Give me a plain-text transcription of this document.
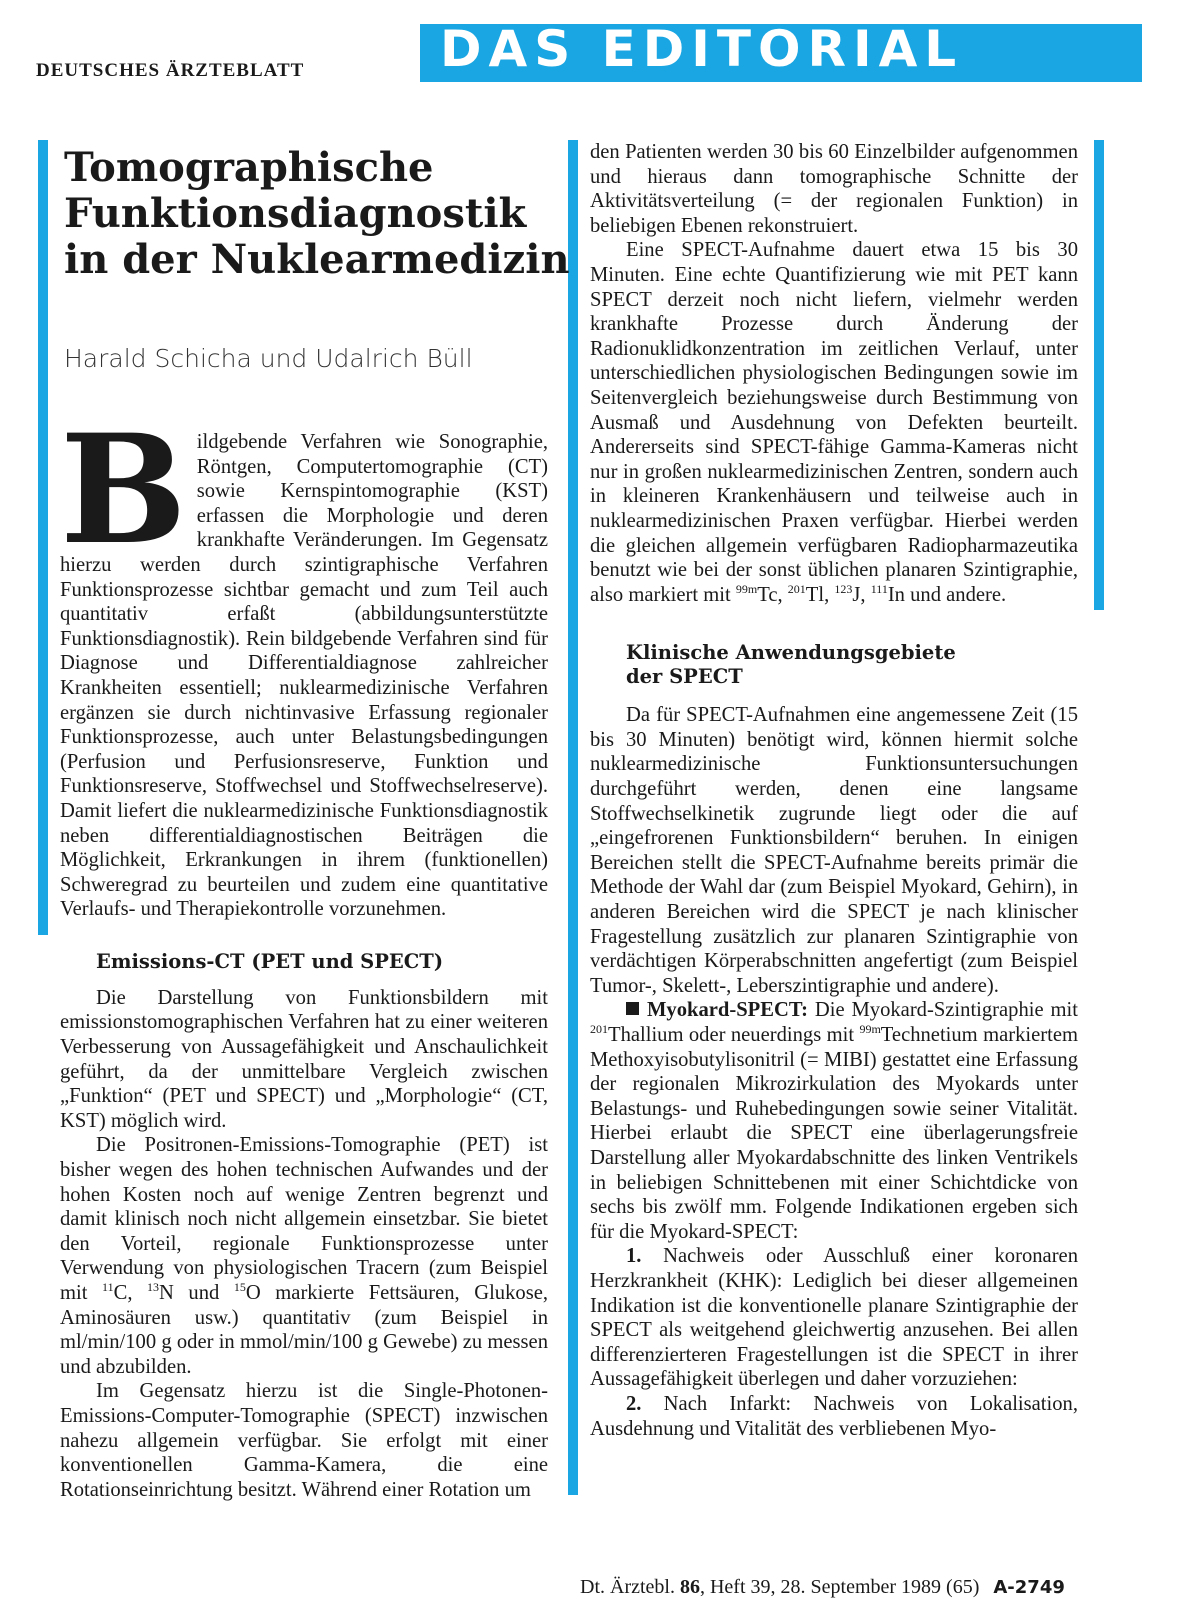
DEUTSCHES ÄRZTEBLATT	DAS EDITORIAL
Tomographische
Funktionsdiagnostik
in der Nuklearmedizin

Harald Schicha und Udalrich Büll

Bildgebende Verfahren wie Sonographie, Röntgen, Computertomographie (CT) sowie Kernspintomographie (KST) erfassen die Morphologie und deren krankhafte Veränderungen. Im Gegensatz hierzu werden durch szintigraphische Verfahren Funktionsprozesse sichtbar gemacht und zum Teil auch quantitativ erfaßt (abbildungsunterstützte Funktionsdiagnostik). Rein bildgebende Verfahren sind für Diagnose und Differentialdiagnose zahlreicher Krankheiten essentiell; nuklearmedizinische Verfahren ergänzen sie durch nichtinvasive Erfassung regionaler Funktionsprozesse, auch unter Belastungsbedingungen (Perfusion und Perfusionsreserve, Funktion und Funktionsreserve, Stoffwechsel und Stoffwechselreserve). Damit liefert die nuklearmedizinische Funktionsdiagnostik neben differentialdiagnostischen Beiträgen die Möglichkeit, Erkrankungen in ihrem (funktionellen) Schweregrad zu beurteilen und zudem eine quantitative Verlaufs- und Therapiekontrolle vorzunehmen.

Emissions-CT (PET und SPECT)

Die Darstellung von Funktionsbildern mit emissionstomographischen Verfahren hat zu einer weiteren Verbesserung von Aussagefähigkeit und Anschaulichkeit geführt, da der unmittelbare Vergleich zwischen „Funktion“ (PET und SPECT) und „Morphologie“ (CT, KST) möglich wird.

Die Positronen-Emissions-Tomographie (PET) ist bisher wegen des hohen technischen Aufwandes und der hohen Kosten noch auf wenige Zentren begrenzt und damit klinisch noch nicht allgemein einsetzbar. Sie bietet den Vorteil, regionale Funktionsprozesse unter Verwendung von physiologischen Tracern (zum Beispiel mit $^{11}$C, $^{13}$N und $^{15}$O markierte Fettsäuren, Glukose, Aminosäuren usw.) quantitativ (zum Beispiel in ml/min/100 g oder in mmol/min/100 g Gewebe) zu messen und abzubilden.

Im Gegensatz hierzu ist die Single-Photonen-Emissions-Computer-Tomographie (SPECT) inzwischen nahezu allgemein verfügbar. Sie erfolgt mit einer konventionellen Gamma-Kamera, die eine Rotationseinrichtung besitzt. Während einer Rotation um

den Patienten werden 30 bis 60 Einzelbilder aufgenommen und hieraus dann tomographische Schnitte der Aktivitätsverteilung (= der regionalen Funktion) in beliebigen Ebenen rekonstruiert.

Eine SPECT-Aufnahme dauert etwa 15 bis 30 Minuten. Eine echte Quantifizierung wie mit PET kann SPECT derzeit noch nicht liefern, vielmehr werden krankhafte Prozesse durch Änderung der Radionuklidkonzentration im zeitlichen Verlauf, unter unterschiedlichen physiologischen Bedingungen sowie im Seitenvergleich beziehungsweise durch Bestimmung von Ausmaß und Ausdehnung von Defekten beurteilt. Andererseits sind SPECT-fähige Gamma-Kameras nicht nur in großen nuklearmedizinischen Zentren, sondern auch in kleineren Krankenhäusern und teilweise auch in nuklearmedizinischen Praxen verfügbar. Hierbei werden die gleichen allgemein verfügbaren Radiopharmazeutika benutzt wie bei der sonst üblichen planaren Szintigraphie, also markiert mit $^{99m}$Tc, $^{201}$Tl, $^{123}$J, $^{111}$In und andere.

Klinische Anwendungsgebiete
der SPECT

Da für SPECT-Aufnahmen eine angemessene Zeit (15 bis 30 Minuten) benötigt wird, können hiermit solche nuklearmedizinische Funktionsuntersuchungen durchgeführt werden, denen eine langsame Stoffwechselkinetik zugrunde liegt oder die auf „eingefrorenen Funktionsbildern“ beruhen. In einigen Bereichen stellt die SPECT-Aufnahme bereits primär die Methode der Wahl dar (zum Beispiel Myokard, Gehirn), in anderen Bereichen wird die SPECT je nach klinischer Fragestellung zusätzlich zur planaren Szintigraphie von verdächtigen Körperabschnitten angefertigt (zum Beispiel Tumor-, Skelett-, Leberszintigraphie und andere).

Myokard-SPECT: Die Myokard-Szintigraphie mit $^{201}$Thallium oder neuerdings mit $^{99m}$Technetium markiertem Methoxyisobutylisonitril (= MIBI) gestattet eine Erfassung der regionalen Mikrozirkulation des Myokards unter Belastungs- und Ruhebedingungen sowie seiner Vitalität. Hierbei erlaubt die SPECT eine überlagerungsfreie Darstellung aller Myokardabschnitte des linken Ventrikels in beliebigen Schnittebenen mit einer Schichtdicke von sechs bis zwölf mm. Folgende Indikationen ergeben sich für die Myokard-SPECT:

1. Nachweis oder Ausschluß einer koronaren Herzkrankheit (KHK): Lediglich bei dieser allgemeinen Indikation ist die konventionelle planare Szintigraphie der SPECT als weitgehend gleichwertig anzusehen. Bei allen differenzierteren Fragestellungen ist die SPECT in ihrer Aussagefähigkeit überlegen und daher vorzuziehen:

2. Nach Infarkt: Nachweis von Lokalisation, Ausdehnung und Vitalität des verbliebenen Myo-

Dt. Ärztebl. 86, Heft 39, 28. September 1989 (65) A-2749
